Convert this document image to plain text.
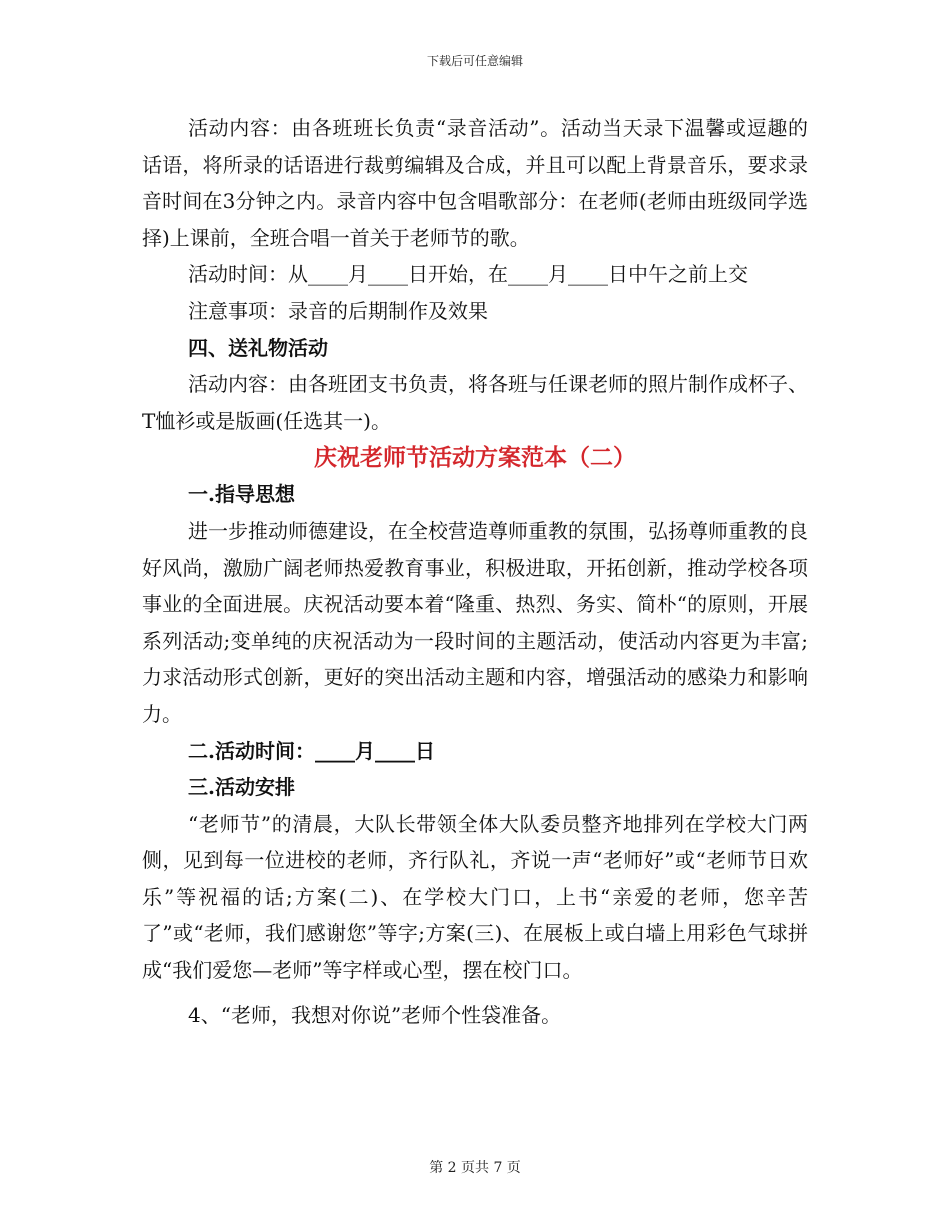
下载后可任意编辑

活动内容：由各班班长负责“录音活动”。活动当天录下温馨或逗趣的话语，将所录的话语进行裁剪编辑及合成，并且可以配上背景音乐，要求录音时间在3分钟之内。录音内容中包含唱歌部分：在老师(老师由班级同学选择)上课前，全班合唱一首关于老师节的歌。

活动时间：从____月____日开始，在____月____日中午之前上交

注意事项：录音的后期制作及效果

四、送礼物活动

活动内容：由各班团支书负责，将各班与任课老师的照片制作成杯子、T恤衫或是版画(任选其一)。

庆祝老师节活动方案范本（二）

一.指导思想

进一步推动师德建设，在全校营造尊师重教的氛围，弘扬尊师重教的良好风尚，激励广阔老师热爱教育事业，积极进取，开拓创新，推动学校各项事业的全面进展。庆祝活动要本着“隆重、热烈、务实、简朴“的原则，开展系列活动;变单纯的庆祝活动为一段时间的主题活动，使活动内容更为丰富;力求活动形式创新，更好的突出活动主题和内容，增强活动的感染力和影响力。

二.活动时间：____月____日

三.活动安排

“老师节”的清晨，大队长带领全体大队委员整齐地排列在学校大门两侧，见到每一位进校的老师，齐行队礼，齐说一声“老师好”或“老师节日欢乐”等祝福的话;方案(二)、在学校大门口，上书“亲爱的老师，您辛苦了”或“老师，我们感谢您”等字;方案(三)、在展板上或白墙上用彩色气球拼成“我们爱您—老师”等字样或心型，摆在校门口。

4、“老师，我想对你说”老师个性袋准备。

第 2 页共 7 页
